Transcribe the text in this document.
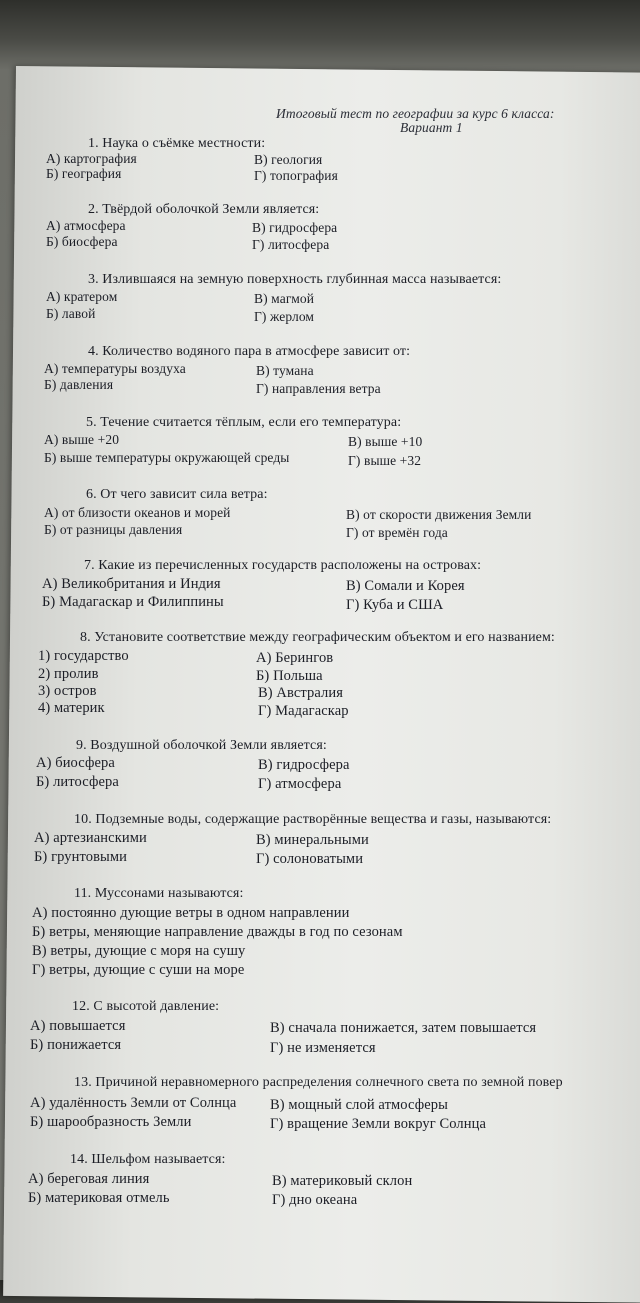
Итоговый тест по географии за курс 6 класса:
Вариант 1
1. Наука о съёмке местности:
А) картография
Б) география
В) геология
Г) топография
2. Твёрдой оболочкой Земли является:
А) атмосфера
Б) биосфера
В) гидросфера
Г) литосфера
3. Излившаяся на земную поверхность глубинная масса называется:
А) кратером
Б) лавой
В) магмой
Г) жерлом
4. Количество водяного пара в атмосфере зависит от:
А) температуры воздуха
Б) давления
В) тумана
Г) направления ветра
5. Течение считается тёплым, если его температура:
А) выше +20
Б) выше температуры окружающей среды
В) выше +10
Г) выше +32
6. От чего зависит сила ветра:
А) от близости океанов и морей
Б) от разницы давления
В) от скорости движения Земли
Г) от времён года
7. Какие из перечисленных государств расположены на островах:
А) Великобритания и Индия
Б) Мадагаскар и Филиппины
В) Сомали и Корея
Г) Куба и США
8. Установите соответствие между географическим объектом и его названием:
1) государство
2) пролив
3) остров
4) материк
А) Берингов
Б) Польша
В) Австралия
Г) Мадагаскар
9. Воздушной оболочкой Земли является:
А) биосфера
Б) литосфера
В) гидросфера
Г) атмосфера
10. Подземные воды, содержащие растворённые вещества и газы, называются:
А) артезианскими
Б) грунтовыми
В) минеральными
Г) солоноватыми
11. Муссонами называются:
А) постоянно дующие ветры в одном направлении
Б) ветры, меняющие направление дважды в год по сезонам
В) ветры, дующие с моря на сушу
Г) ветры, дующие с суши на море
12. С высотой давление:
А) повышается
Б) понижается
В) сначала понижается, затем повышается
Г) не изменяется
13. Причиной неравномерного распределения солнечного света по земной повер
А) удалённость Земли от Солнца
Б) шарообразность Земли
В) мощный слой атмосферы
Г) вращение Земли вокруг Солнца
14. Шельфом называется:
А) береговая линия
Б) материковая отмель
В) материковый склон
Г) дно океана
